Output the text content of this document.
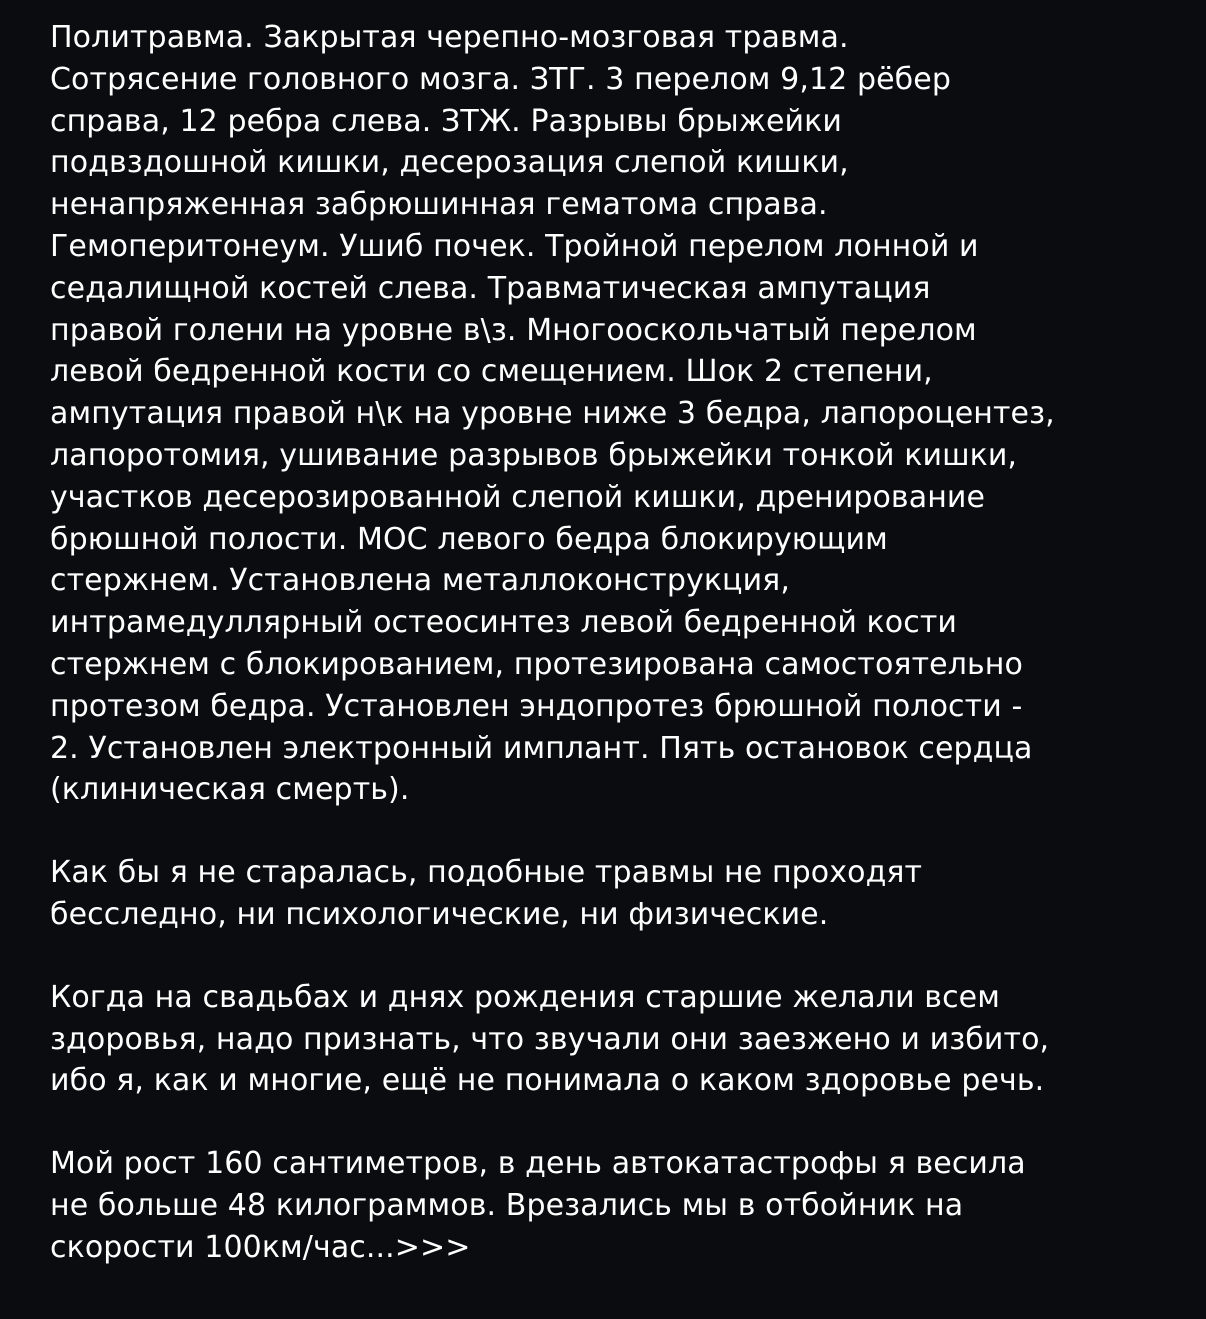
Политравма. Закрытая черепно-мозговая травма.
Сотрясение головного мозга. ЗТГ. 3 перелом 9,12 рёбер
справа, 12 ребра слева. ЗТЖ. Разрывы брыжейки
подвздошной кишки, десерозация слепой кишки,
ненапряженная забрюшинная гематома справа.
Гемоперитонеум. Ушиб почек. Тройной перелом лонной и
седалищной костей слева. Травматическая ампутация
правой голени на уровне в\з. Многоoскольчатый перелом
левой бедренной кости со смещением. Шок 2 степени,
ампутация правой н\к на уровне ниже 3 бедра, лапороцентез,
лапоротомия, ушивание разрывов брыжейки тонкой кишки,
участков десерозированной слепой кишки, дренирование
брюшной полости. МОС левого бедра блокирующим
стержнем. Установлена металлоконструкция,
интрамедуллярный остеосинтез левой бедренной кости
стержнем с блокированием, протезирована самостоятельно
протезом бедра. Установлен эндопротез брюшной полости -
2. Установлен электронный имплант. Пять остановок сердца
(клиническая смерть).

Как бы я не старалась, подобные травмы не проходят
бесследно, ни психологические, ни физические.

Когда на свадьбах и днях рождения старшие желали всем
здоровья, надо признать, что звучали они заезжено и избито,
ибо я, как и многие, ещё не понимала о каком здоровье речь.

Мой рост 160 сантиметров, в день автокатастрофы я весила
не больше 48 килограммов. Врезались мы в отбойник на
скорости 100км/час...>>>
